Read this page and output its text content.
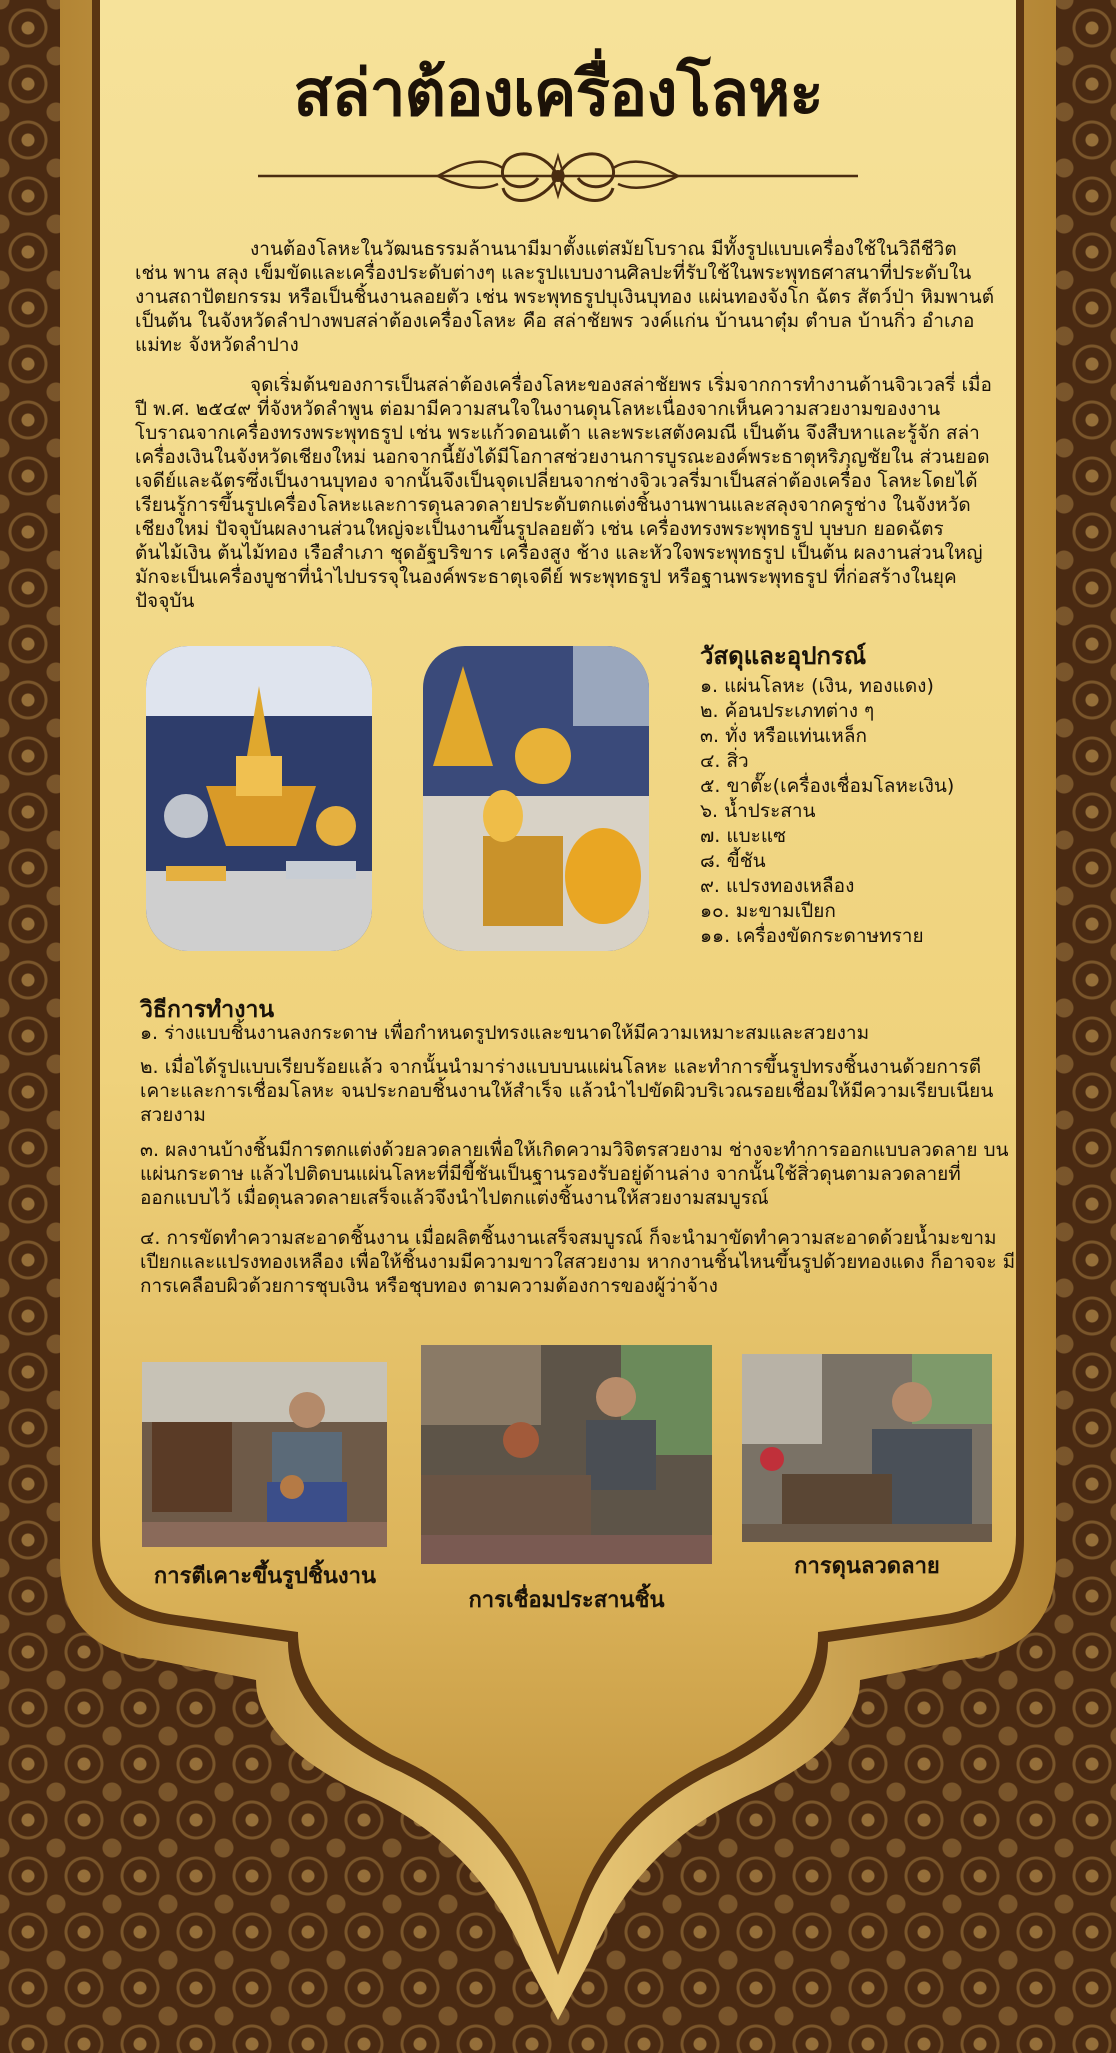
สล่าต้องเครื่องโลหะ

งานต้องโลหะในวัฒนธรรมล้านนามีมาตั้งแต่สมัยโบราณ มีทั้งรูปแบบเครื่องใช้ในวิถีชีวิต เช่น พาน สลุง เข็มขัดและเครื่องประดับต่างๆ และรูปแบบงานศิลปะที่รับใช้ในพระพุทธศาสนาที่ประดับใน งานสถาปัตยกรรม หรือเป็นชิ้นงานลอยตัว เช่น พระพุทธรูปบุเงินบุทอง แผ่นทองจังโก ฉัตร สัตว์ป่า หิมพานต์ เป็นต้น ในจังหวัดลำปางพบสล่าต้องเครื่องโลหะ คือ สล่าชัยพร วงค์แก่น บ้านนาตุ๋ม ตำบล บ้านกิ่ว อำเภอแม่ทะ จังหวัดลำปาง

จุดเริ่มต้นของการเป็นสล่าต้องเครื่องโลหะของสล่าชัยพร เริ่มจากการทำงานด้านจิวเวลรี่ เมื่อปี พ.ศ. ๒๕๔๙ ที่จังหวัดลำพูน ต่อมามีความสนใจในงานดุนโลหะเนื่องจากเห็นความสวยงามของงาน โบราณจากเครื่องทรงพระพุทธรูป เช่น พระแก้วดอนเต้า และพระเสตังคมณี เป็นต้น จึงสืบหาและรู้จัก สล่าเครื่องเงินในจังหวัดเชียงใหม่ นอกจากนี้ยังได้มีโอกาสช่วยงานการบูรณะองค์พระธาตุหริภุญชัยใน ส่วนยอดเจดีย์และฉัตรซึ่งเป็นงานบุทอง จากนั้นจึงเป็นจุดเปลี่ยนจากช่างจิวเวลรี่มาเป็นสล่าต้องเครื่อง โลหะโดยได้เรียนรู้การขึ้นรูปเครื่องโลหะและการดุนลวดลายประดับตกแต่งชิ้นงานพานและสลุงจากครูช่าง ในจังหวัดเชียงใหม่ ปัจจุบันผลงานส่วนใหญ่จะเป็นงานขึ้นรูปลอยตัว เช่น เครื่องทรงพระพุทธรูป บุษบก ยอดฉัตร ต้นไม้เงิน ต้นไม้ทอง เรือสำเภา ชุดอัฐบริขาร เครื่องสูง ช้าง และหัวใจพระพุทธรูป เป็นต้น ผลงานส่วนใหญ่มักจะเป็นเครื่องบูชาที่นำไปบรรจุในองค์พระธาตุเจดีย์ พระพุทธรูป หรือฐานพระพุทธรูป ที่ก่อสร้างในยุคปัจจุบัน

วัสดุและอุปกรณ์
๑. แผ่นโลหะ (เงิน, ทองแดง)
๒. ค้อนประเภทต่าง ๆ
๓. ทั่ง หรือแท่นเหล็ก
๔. สิ่ว
๕. ขาตั๊ะ(เครื่องเชื่อมโลหะเงิน)
๖. น้ำประสาน
๗. แบะแซ
๘. ขี้ชัน
๙. แปรงทองเหลือง
๑๐. มะขามเปียก
๑๑. เครื่องขัดกระดาษทราย
วิธีการทำงาน

๑. ร่างแบบชิ้นงานลงกระดาษ เพื่อกำหนดรูปทรงและขนาดให้มีความเหมาะสมและสวยงาม

๒. เมื่อได้รูปแบบเรียบร้อยแล้ว จากนั้นนำมาร่างแบบบนแผ่นโลหะ และทำการขึ้นรูปทรงชิ้นงานด้วยการตี เคาะและการเชื่อมโลหะ จนประกอบชิ้นงานให้สำเร็จ แล้วนำไปขัดผิวบริเวณรอยเชื่อมให้มีความเรียบเนียน สวยงาม

๓. ผลงานบ้างชิ้นมีการตกแต่งด้วยลวดลายเพื่อให้เกิดความวิจิตรสวยงาม ช่างจะทำการออกแบบลวดลาย บนแผ่นกระดาษ แล้วไปติดบนแผ่นโลหะที่มีขี้ชันเป็นฐานรองรับอยู่ด้านล่าง จากนั้นใช้สิ่วดุนตามลวดลายที่ ออกแบบไว้ เมื่อดุนลวดลายเสร็จแล้วจึงนำไปตกแต่งชิ้นงานให้สวยงามสมบูรณ์

๔. การขัดทำความสะอาดชิ้นงาน เมื่อผลิตชิ้นงานเสร็จสมบูรณ์ ก็จะนำมาขัดทำความสะอาดด้วยน้ำมะขาม เปียกและแปรงทองเหลือง เพื่อให้ชิ้นงามมีความขาวใสสวยงาม หากงานชิ้นไหนขึ้นรูปด้วยทองแดง ก็อาจจะ มีการเคลือบผิวด้วยการชุบเงิน หรือชุบทอง ตามความต้องการของผู้ว่าจ้าง

การตีเคาะขึ้นรูปชิ้นงาน
การเชื่อมประสานชิ้น
การดุนลวดลาย
